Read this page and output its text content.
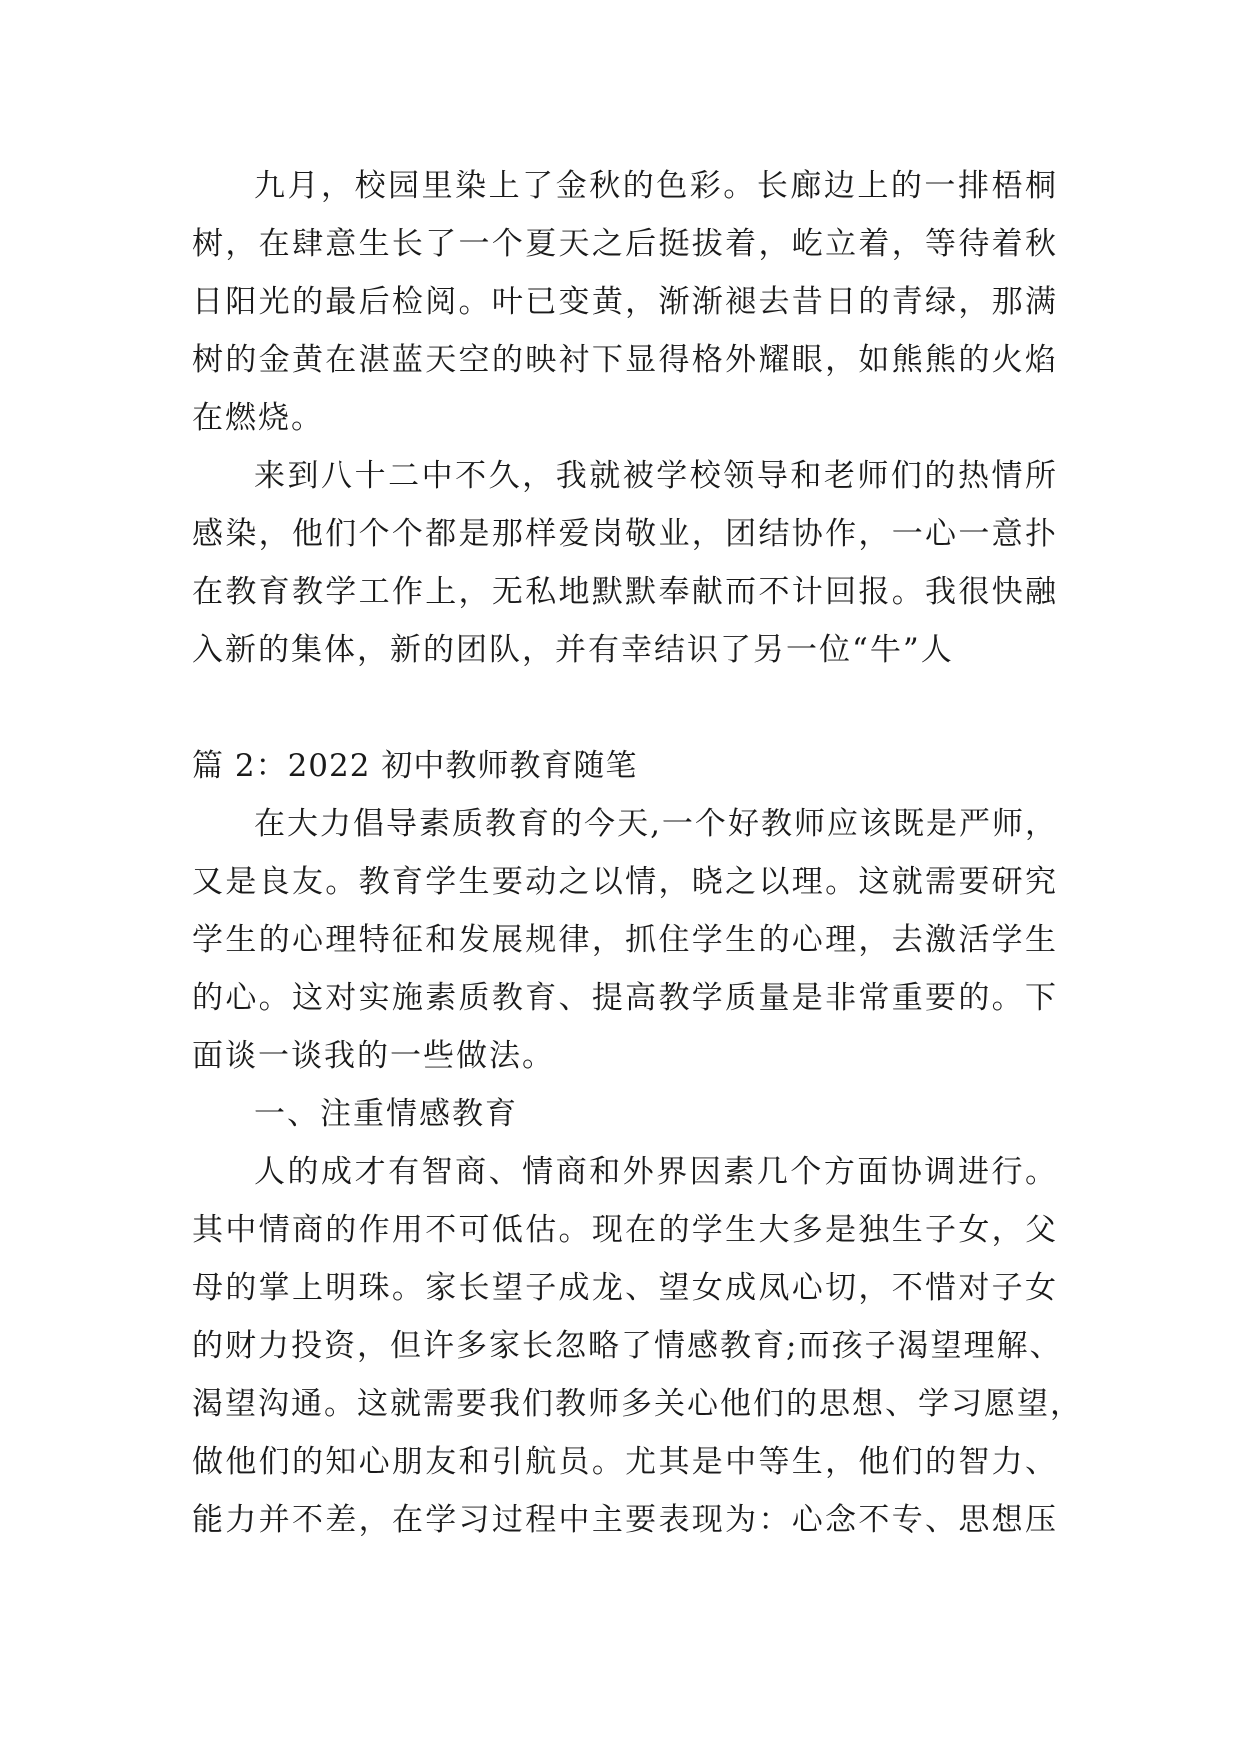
九月，校园里染上了金秋的色彩。长廊边上的一排梧桐
树，在肆意生长了一个夏天之后挺拔着，屹立着，等待着秋
日阳光的最后检阅。叶已变黄，渐渐褪去昔日的青绿，那满
树的金黄在湛蓝天空的映衬下显得格外耀眼，如熊熊的火焰
在燃烧。
来到八十二中不久，我就被学校领导和老师们的热情所
感染，他们个个都是那样爱岗敬业，团结协作，一心一意扑
在教育教学工作上，无私地默默奉献而不计回报。我很快融
入新的集体，新的团队，并有幸结识了另一位“牛”人
篇 2：2022 初中教师教育随笔
在大力倡导素质教育的今天,一个好教师应该既是严师，
又是良友。教育学生要动之以情，晓之以理。这就需要研究
学生的心理特征和发展规律，抓住学生的心理，去激活学生
的心。这对实施素质教育、提高教学质量是非常重要的。下
面谈一谈我的一些做法。
一、注重情感教育
人的成才有智商、情商和外界因素几个方面协调进行。
其中情商的作用不可低估。现在的学生大多是独生子女，父
母的掌上明珠。家长望子成龙、望女成凤心切，不惜对子女
的财力投资，但许多家长忽略了情感教育;而孩子渴望理解、
渴望沟通。这就需要我们教师多关心他们的思想、学习愿望，
做他们的知心朋友和引航员。尤其是中等生，他们的智力、
能力并不差，在学习过程中主要表现为：心念不专、思想压
